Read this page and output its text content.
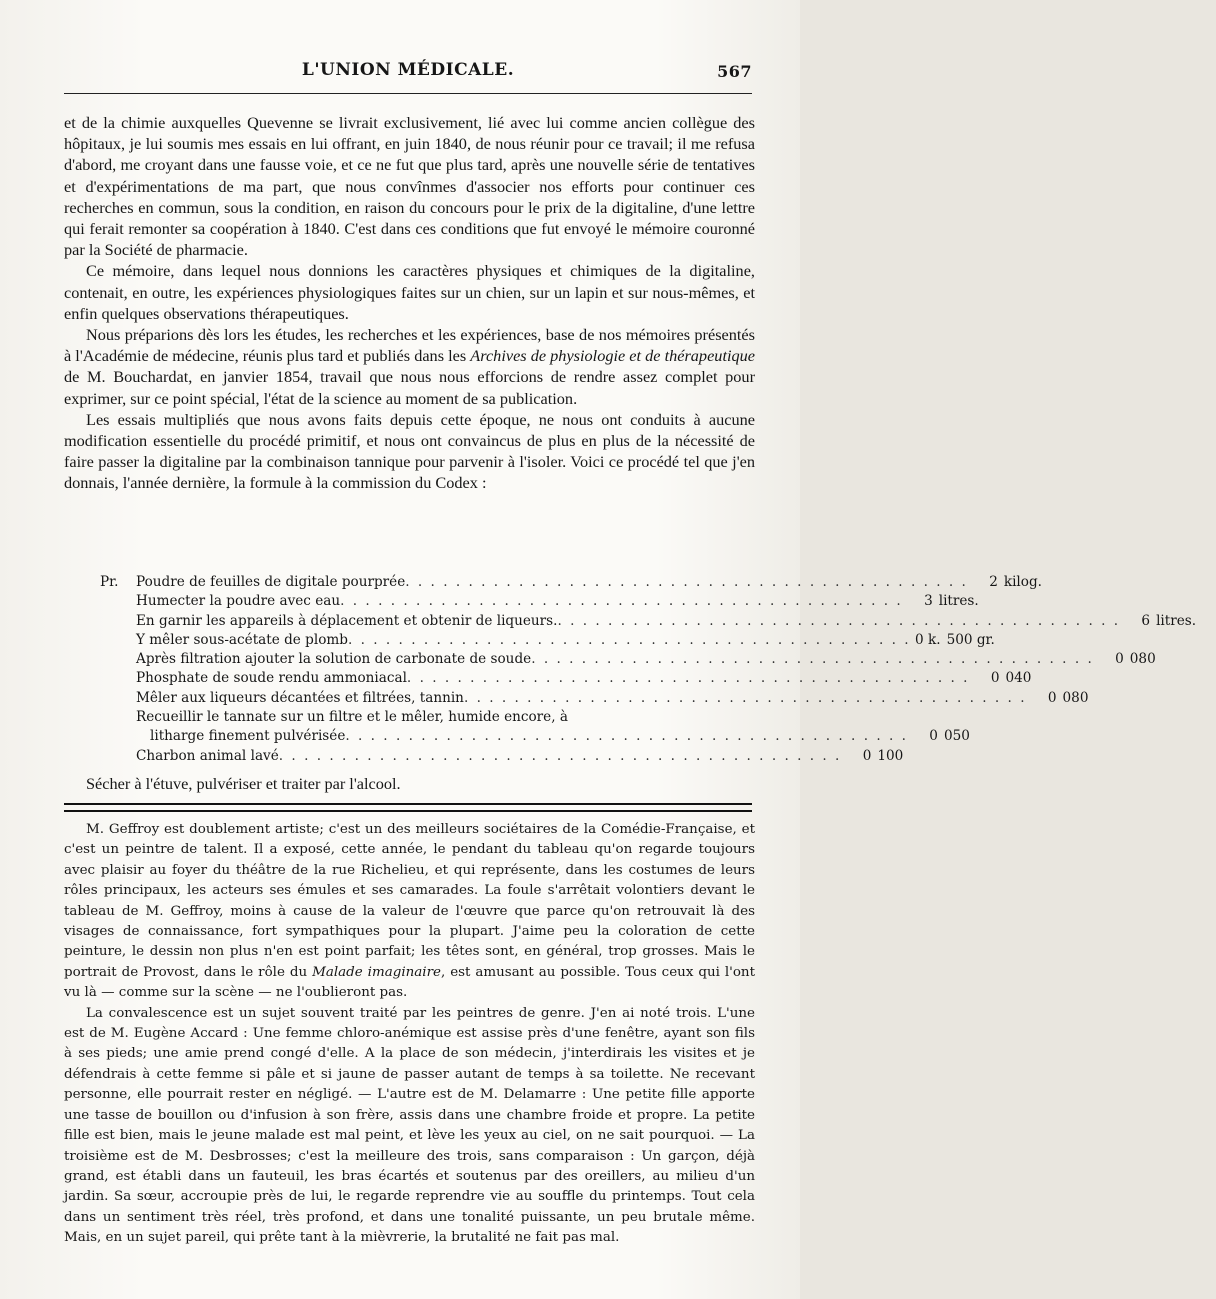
L'UNION MÉDICALE.	567

et de la chimie auxquelles Quevenne se livrait exclusivement, lié avec lui comme ancien collègue des hôpitaux, je lui soumis mes essais en lui offrant, en juin 1840, de nous réunir pour ce travail; il me refusa d'abord, me croyant dans une fausse voie, et ce ne fut que plus tard, après une nouvelle série de tentatives et d'expérimentations de ma part, que nous convînmes d'associer nos efforts pour continuer ces recherches en commun, sous la condition, en raison du concours pour le prix de la digitaline, d'une lettre qui ferait remonter sa coopération à 1840. C'est dans ces conditions que fut envoyé le mémoire couronné par la Société de pharmacie.

Ce mémoire, dans lequel nous donnions les caractères physiques et chimiques de la digitaline, contenait, en outre, les expériences physiologiques faites sur un chien, sur un lapin et sur nous-mêmes, et enfin quelques observations thérapeutiques.

Nous préparions dès lors les études, les recherches et les expériences, base de nos mémoires présentés à l'Académie de médecine, réunis plus tard et publiés dans les Archives de physiologie et de thérapeutique de M. Bouchardat, en janvier 1854, travail que nous nous efforcions de rendre assez complet pour exprimer, sur ce point spécial, l'état de la science au moment de sa publication.

Les essais multipliés que nous avons faits depuis cette époque, ne nous ont conduits à aucune modification essentielle du procédé primitif, et nous ont convaincus de plus en plus de la nécessité de faire passer la digitaline par la combinaison tannique pour parvenir à l'isoler. Voici ce procédé tel que j'en donnais, l'année dernière, la formule à la commission du Codex :

Pr.	Poudre de feuilles de digitale pourprée. . . . . . . . . . . . . . . . . . . . . . . . . . . . . . . . . . . . . . . . . . . . .	2 kilog.
Humecter la poudre avec eau. . . . . . . . . . . . . . . . . . . . . . . . . . . . . . . . . . . . . . . . . . . . .	3 litres.
En garnir les appareils à déplacement et obtenir de liqueurs.. . . . . . . . . . . . . . . . . . . . . . . . . . . . . . . . . . . . . . . . . . . . .	6 litres.
Y mêler sous-acétate de plomb. . . . . . . . . . . . . . . . . . . . . . . . . . . . . . . . . . . . . . . . . . . . . 0 k. 500 gr.
Après filtration ajouter la solution de carbonate de soude. . . . . . . . . . . . . . . . . . . . . . . . . . . . . . . . . . . . . . . . . . . . .	0 080
Phosphate de soude rendu ammoniacal. . . . . . . . . . . . . . . . . . . . . . . . . . . . . . . . . . . . . . . . . . . . .	0 040
Mêler aux liqueurs décantées et filtrées, tannin. . . . . . . . . . . . . . . . . . . . . . . . . . . . . . . . . . . . . . . . . . . . .	0 080
Recueillir le tannate sur un filtre et le mêler, humide encore, à
litharge finement pulvérisée. . . . . . . . . . . . . . . . . . . . . . . . . . . . . . . . . . . . . . . . . . . . .	0 050
Charbon animal lavé. . . . . . . . . . . . . . . . . . . . . . . . . . . . . . . . . . . . . . . . . . . . .	0 100
Sécher à l'étuve, pulvériser et traiter par l'alcool.

M. Geffroy est doublement artiste; c'est un des meilleurs sociétaires de la Comédie-Française, et c'est un peintre de talent. Il a exposé, cette année, le pendant du tableau qu'on regarde toujours avec plaisir au foyer du théâtre de la rue Richelieu, et qui représente, dans les costumes de leurs rôles principaux, les acteurs ses émules et ses camarades. La foule s'arrêtait volontiers devant le tableau de M. Geffroy, moins à cause de la valeur de l'œuvre que parce qu'on retrouvait là des visages de connaissance, fort sympathiques pour la plupart. J'aime peu la coloration de cette peinture, le dessin non plus n'en est point parfait; les têtes sont, en général, trop grosses. Mais le portrait de Provost, dans le rôle du Malade imaginaire, est amusant au possible. Tous ceux qui l'ont vu là — comme sur la scène — ne l'oublieront pas.

La convalescence est un sujet souvent traité par les peintres de genre. J'en ai noté trois. L'une est de M. Eugène Accard : Une femme chloro-anémique est assise près d'une fenêtre, ayant son fils à ses pieds; une amie prend congé d'elle. A la place de son médecin, j'interdirais les visites et je défendrais à cette femme si pâle et si jaune de passer autant de temps à sa toilette. Ne recevant personne, elle pourrait rester en négligé. — L'autre est de M. Delamarre : Une petite fille apporte une tasse de bouillon ou d'infusion à son frère, assis dans une chambre froide et propre. La petite fille est bien, mais le jeune malade est mal peint, et lève les yeux au ciel, on ne sait pourquoi. — La troisième est de M. Desbrosses; c'est la meilleure des trois, sans comparaison : Un garçon, déjà grand, est établi dans un fauteuil, les bras écartés et soutenus par des oreillers, au milieu d'un jardin. Sa sœur, accroupie près de lui, le regarde reprendre vie au souffle du printemps. Tout cela dans un sentiment très réel, très profond, et dans une tonalité puissante, un peu brutale même. Mais, en un sujet pareil, qui prête tant à la mièvrerie, la brutalité ne fait pas mal.
